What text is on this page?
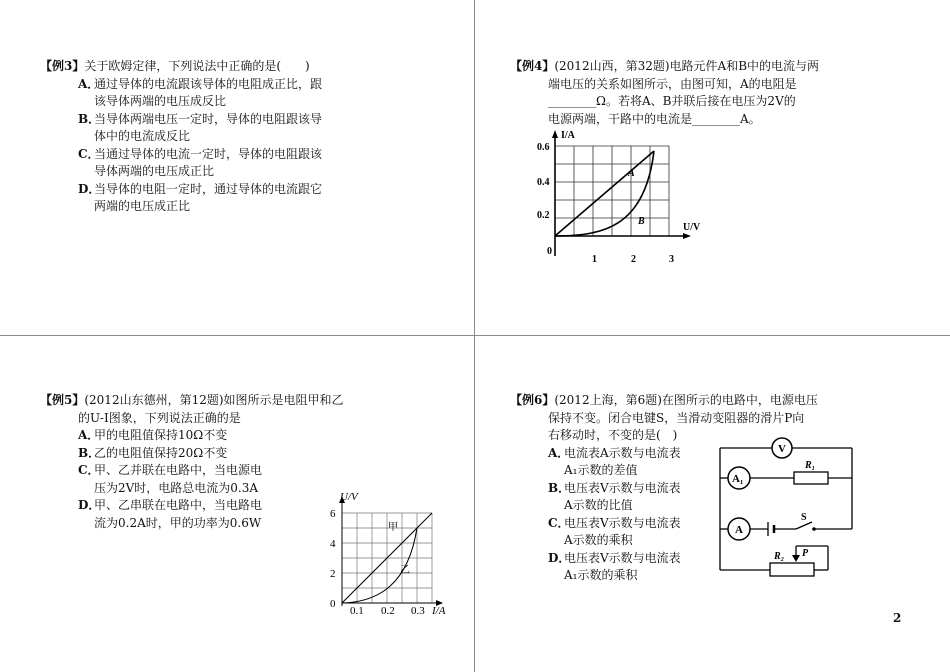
【例3】关于欧姆定律，下列说法中正确的是(　　)

A．通过导体的电流跟该导体的电阻成正比，跟
该导体两端的电压成反比
B．当导体两端电压一定时，导体的电阻跟该导
体中的电流成反比
C．当通过导体的电流一定时，导体的电阻跟该
导体两端的电压成正比
D．当导体的电阻一定时，通过导体的电流跟它
两端的电压成正比

【例4】(2012山西，第32题)电路元件A和B中的电流与两

端电压的关系如图所示，由图可知，A的电阻是
________Ω。若将A、B并联后接在电压为2V的
电源两端，干路中的电流是________A。
I/A
U/V
0
0.2
0.4
0.6
1	2	3
A
B

【例5】(2012山东德州，第12题)如图所示是电阻甲和乙

的U-I图象，下列说法正确的是
A．甲的电阻值保持10Ω不变
B．乙的电阻值保持20Ω不变
C．甲、乙并联在电路中，当电源电
压为2V时，电路总电流为0.3A
D．甲、乙串联在电路中，当电路电
流为0.2A时，甲的功率为0.6W
U/V
I/A
0
2
4
6
0.1 0.2 0.3
甲
乙

【例6】(2012上海，第6题)在图所示的电路中，电源电压

保持不变。闭合电键S，当滑动变阻器的滑片P向
右移动时，不变的是(　)
A．电流表A示数与电流表
A₁示数的差值
B．电压表V示数与电流表
A示数的比值
C．电压表V示数与电流表
A示数的乘积
D．电压表V示数与电流表
A₁示数的乘积
V
A₁
A
R₁
S
R₂ P
2
